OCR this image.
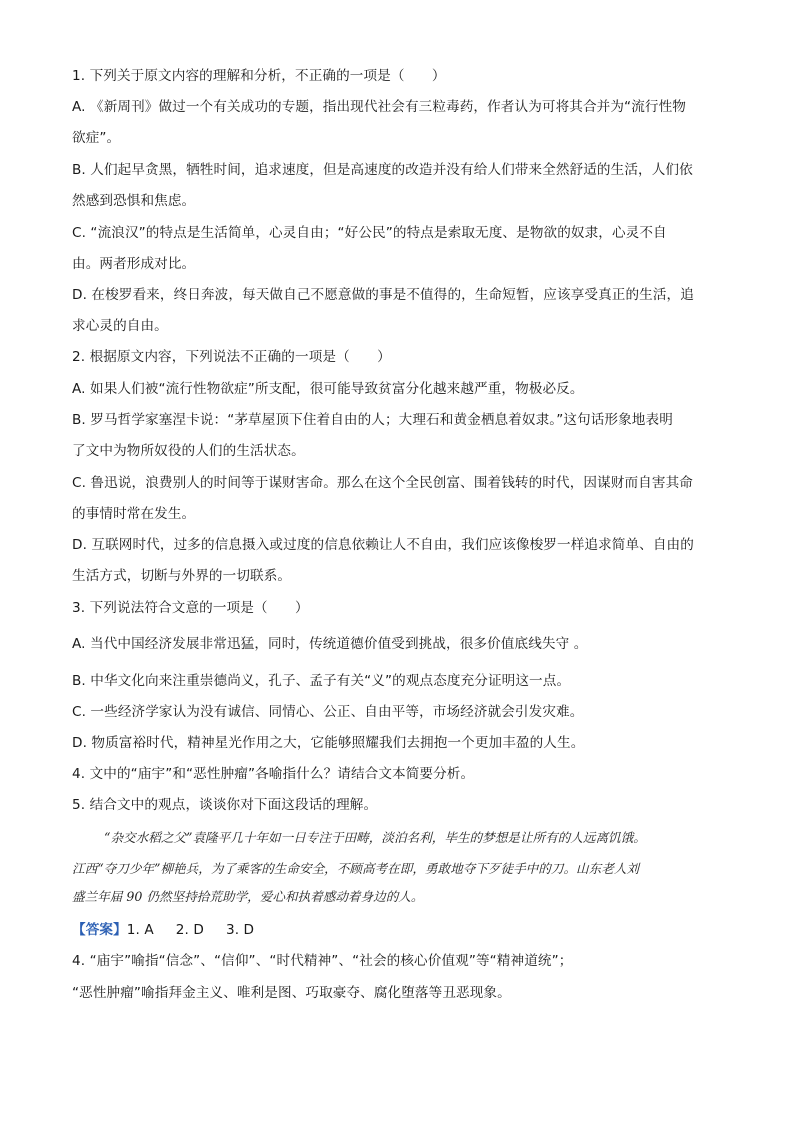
1. 下列关于原文内容的理解和分析，不正确的一项是（　　）
A. 《新周刊》做过一个有关成功的专题，指出现代社会有三粒毒药，作者认为可将其合并为“流行性物
欲症”。
B. 人们起早贪黑，牺牲时间，追求速度，但是高速度的改造并没有给人们带来全然舒适的生活，人们依
然感到恐惧和焦虑。
C. “流浪汉”的特点是生活简单，心灵自由；“好公民”的特点是索取无度、是物欲的奴隶，心灵不自
由。两者形成对比。
D. 在梭罗看来，终日奔波，每天做自己不愿意做的事是不值得的，生命短暂，应该享受真正的生活，追
求心灵的自由。
2. 根据原文内容，下列说法不正确的一项是（　　）
A. 如果人们被“流行性物欲症”所支配，很可能导致贫富分化越来越严重，物极必反。
B. 罗马哲学家塞涅卡说：“茅草屋顶下住着自由的人；大理石和黄金栖息着奴隶。”这句话形象地表明
了文中为物所奴役的人们的生活状态。
C. 鲁迅说，浪费别人的时间等于谋财害命。那么在这个全民创富、围着钱转的时代，因谋财而自害其命
的事情时常在发生。
D. 互联网时代，过多的信息摄入或过度的信息依赖让人不自由，我们应该像梭罗一样追求简单、自由的
生活方式，切断与外界的一切联系。
3. 下列说法符合文意的一项是（　　）
A. 当代中国经济发展非常迅猛，同时，传统道德价值受到挑战，很多价值底线失守 。
B. 中华文化向来注重崇德尚义，孔子、孟子有关“义”的观点态度充分证明这一点。
C. 一些经济学家认为没有诚信、同情心、公正、自由平等，市场经济就会引发灾难。
D. 物质富裕时代，精神星光作用之大，它能够照耀我们去拥抱一个更加丰盈的人生。
4. 文中的“庙宇”和“恶性肿瘤”各喻指什么？请结合文本简要分析。
5. 结合文中的观点，谈谈你对下面这段话的理解。
“杂交水稻之父”袁隆平几十年如一日专注于田畴，淡泊名利，毕生的梦想是让所有的人远离饥饿。
江西“夺刀少年”柳艳兵，为了乘客的生命安全，不顾高考在即，勇敢地夺下歹徒手中的刀。山东老人刘
盛兰年届 90 仍然坚持拾荒助学，爱心和执着感动着身边的人。
【答案】1. A 2. D 3. D
4. “庙宇”喻指“信念”、“信仰”、“时代精神”、“社会的核心价值观”等“精神道统”；
“恶性肿瘤”喻指拜金主义、唯利是图、巧取豪夺、腐化堕落等丑恶现象。
